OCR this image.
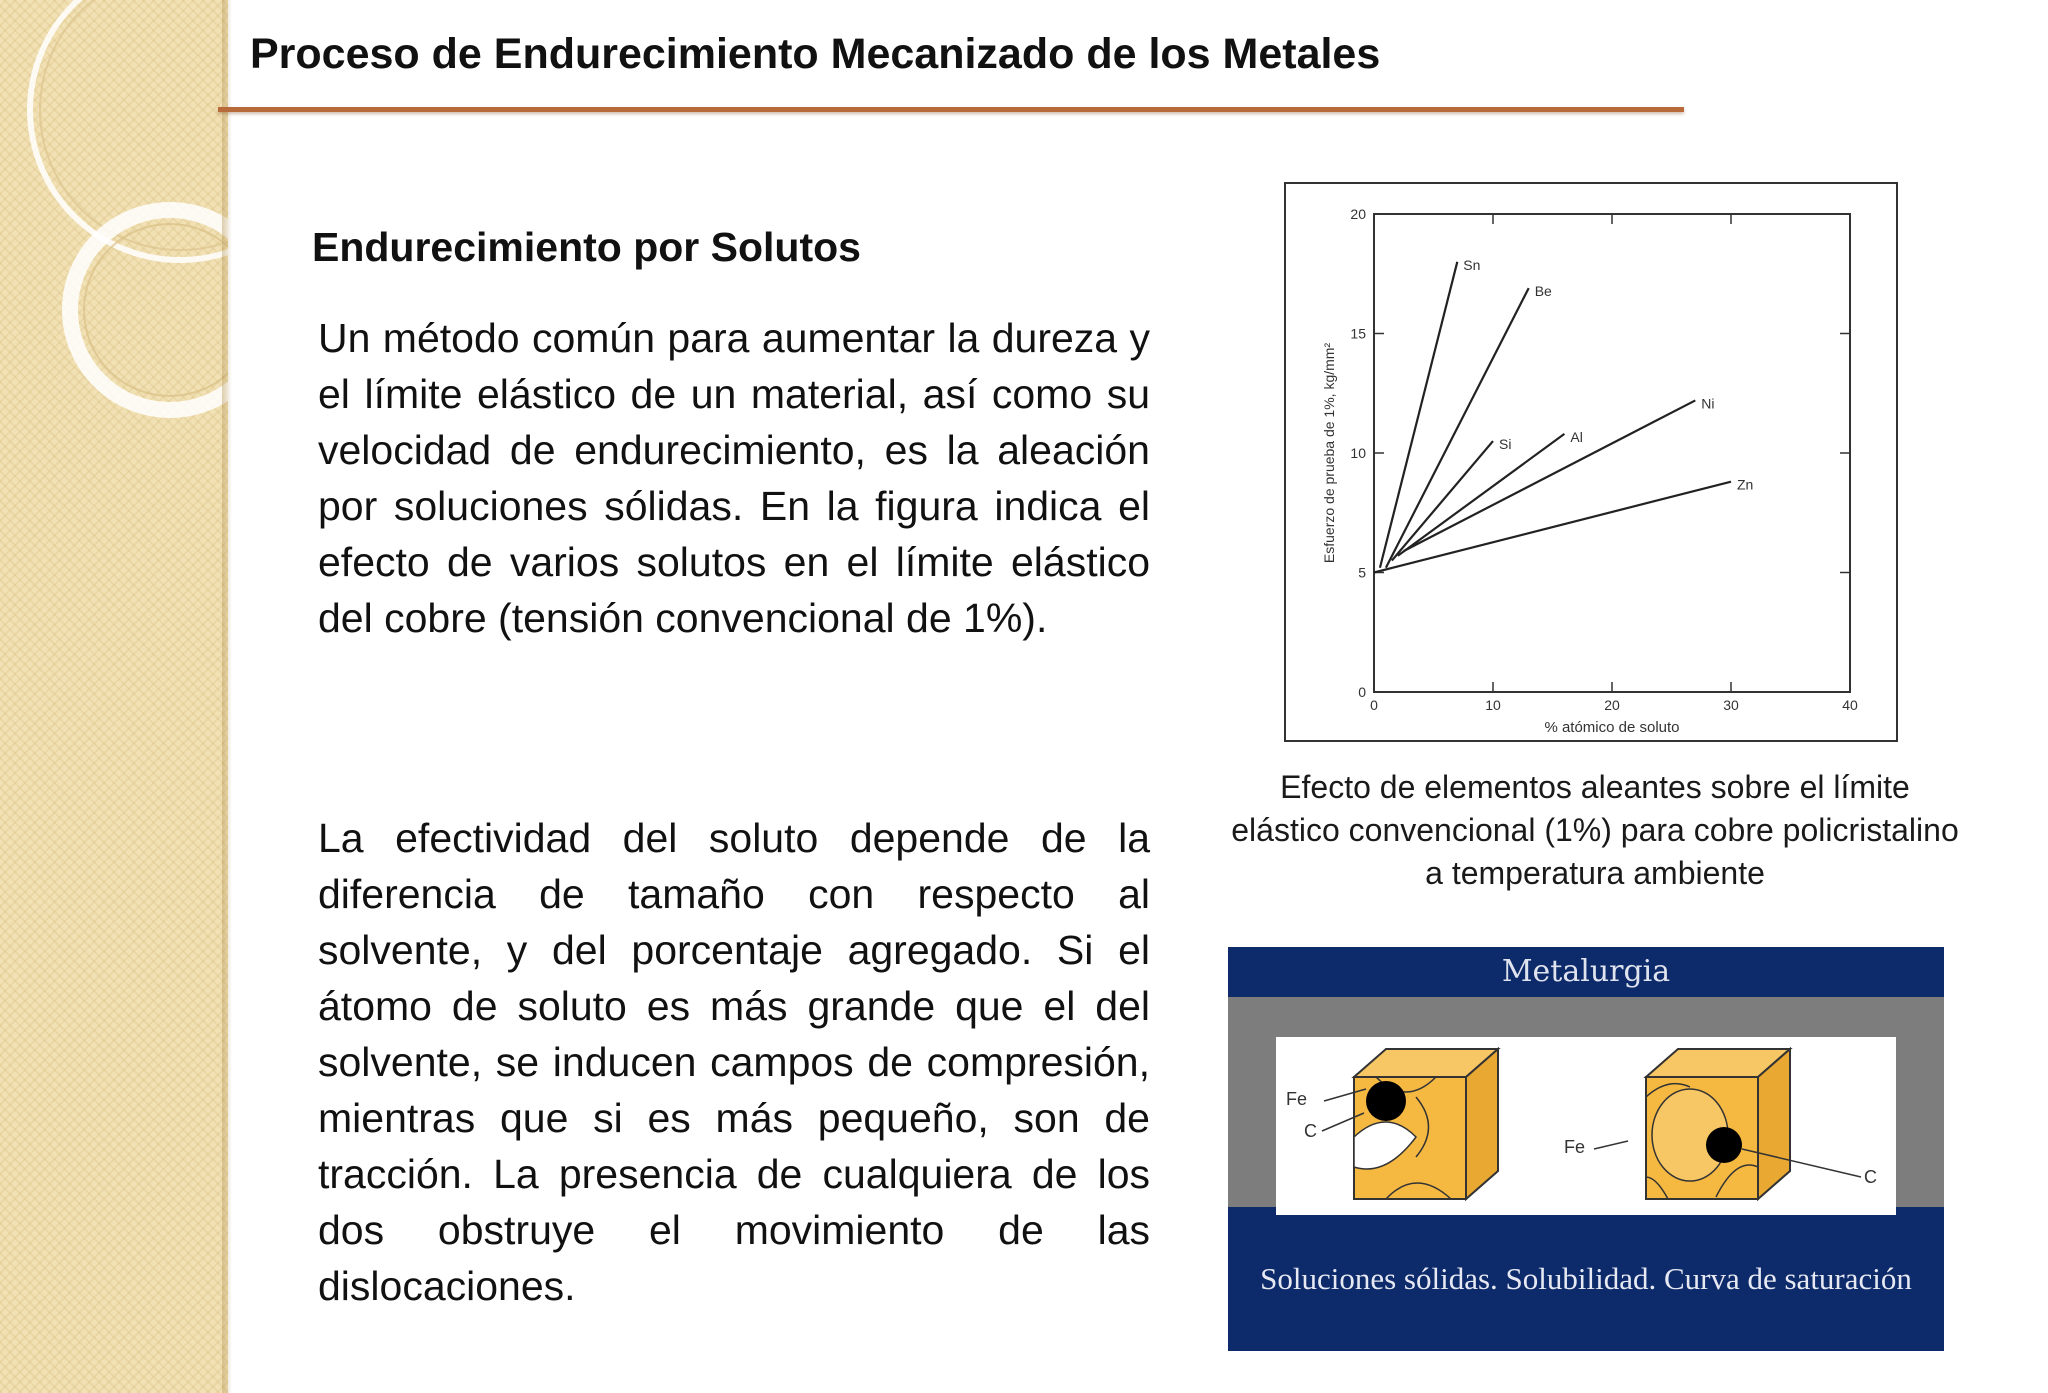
Proceso de Endurecimiento Mecanizado de los Metales
Endurecimiento por Solutos

Un método común para aumentar la dureza y el límite elástico de un material, así como su velocidad de endurecimiento, es la aleación por soluciones sólidas. En la figura indica el efecto de varios solutos en el límite elástico del cobre (tensión convencional de 1%).

La efectividad del soluto depende de la diferencia de tamaño con respecto al solvente, y del porcentaje agregado. Si el átomo de soluto es más grande que el del solvente, se inducen campos de compresión, mientras que si es más pequeño, son de tracción. La presencia de cualquiera de los dos obstruye el movimiento de las dislocaciones.

0	10	20	30	40
0
5
10
15
20
% atómico de soluto
Esfuerzo de prueba de 1%, kg/mm²
Sn
Be
Si	Al
Ni
Zn

Efecto de elementos aleantes sobre el límite elástico convencional (1%) para cobre policristalino a temperatura ambiente

Metalurgia
Fe
C
Fe
C
Soluciones sólidas. Solubilidad. Curva de saturación
